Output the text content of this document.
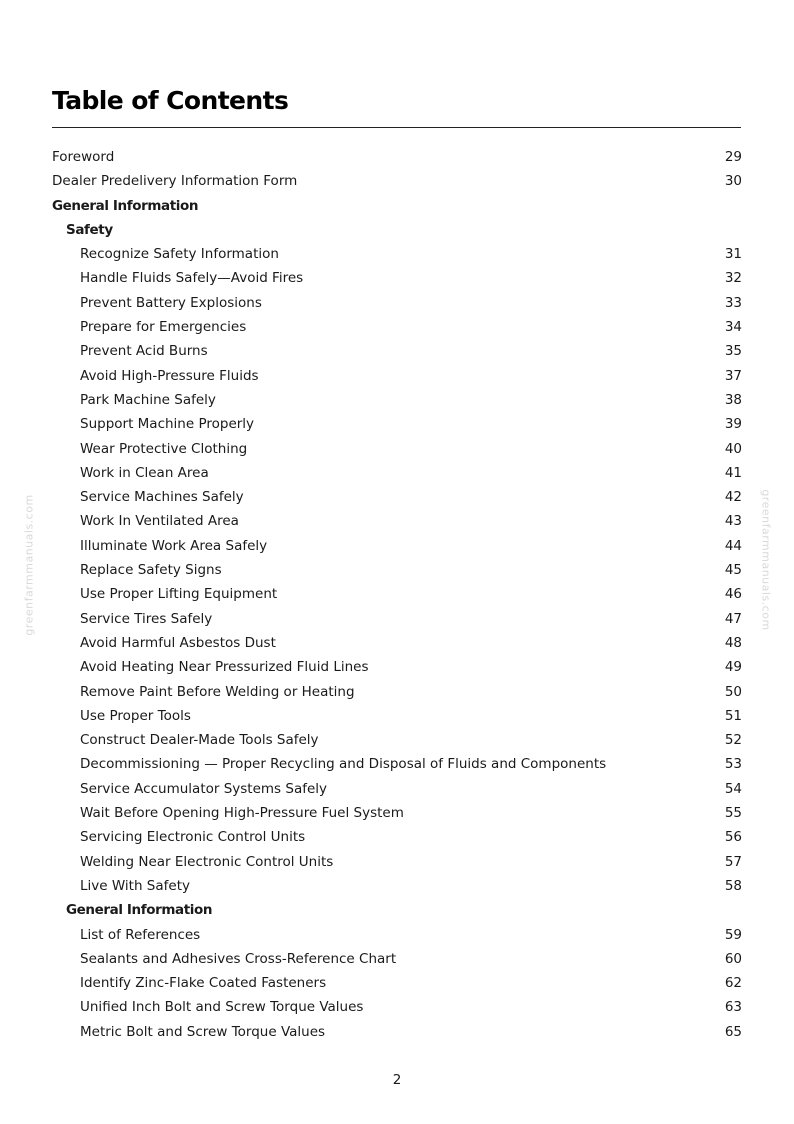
Table of Contents
Foreword	29
Dealer Predelivery Information Form	30
General Information
Safety
Recognize Safety Information	31
Handle Fluids Safely—Avoid Fires	32
Prevent Battery Explosions	33
Prepare for Emergencies	34
Prevent Acid Burns	35
Avoid High-Pressure Fluids	37
Park Machine Safely	38
Support Machine Properly	39
Wear Protective Clothing	40
Work in Clean Area	41
Service Machines Safely	42
Work In Ventilated Area	43
Illuminate Work Area Safely	44
Replace Safety Signs	45
Use Proper Lifting Equipment	46
Service Tires Safely	47
Avoid Harmful Asbestos Dust	48
Avoid Heating Near Pressurized Fluid Lines	49
Remove Paint Before Welding or Heating	50
Use Proper Tools	51
Construct Dealer-Made Tools Safely	52
Decommissioning — Proper Recycling and Disposal of Fluids and Components	53
Service Accumulator Systems Safely	54
Wait Before Opening High-Pressure Fuel System	55
Servicing Electronic Control Units	56
Welding Near Electronic Control Units	57
Live With Safety	58
General Information
List of References	59
Sealants and Adhesives Cross-Reference Chart	60
Identify Zinc-Flake Coated Fasteners	62
Unified Inch Bolt and Screw Torque Values	63
Metric Bolt and Screw Torque Values	65
greenfarmmanuals.com	greenfarmmanuals.com
2
